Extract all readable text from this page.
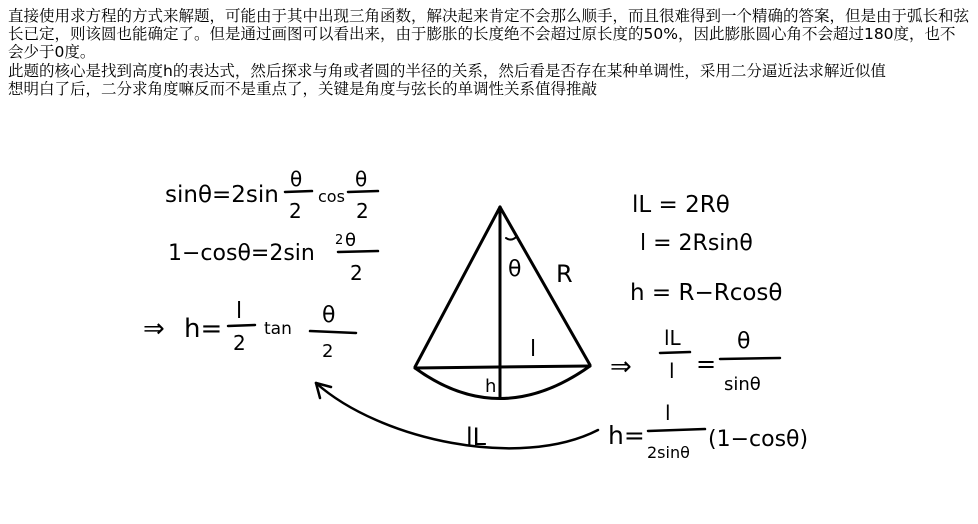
直接使用求方程的方式来解题，可能由于其中出现三角函数，解决起来肯定不会那么顺手，而且很难得到一个精确的答案，但是由于弧长和弦长已定，则该圆也能确定了。但是通过画图可以看出来，由于膨胀的长度绝不会超过原长度的50%，因此膨胀圆心角不会超过180度，也不会少于0度。

此题的核心是找到高度h的表达式，然后探求与角或者圆的半径的关系，然后看是否存在某种单调性，采用二分逼近法求解近似值

想明白了后，二分求角度嘛反而不是重点了，关键是角度与弦长的单调性关系值得推敲

sinθ=2sin
θ
2
cos
θ
2
1−cosθ=2sin
2 θ
2
⇒ h=
l
2
tan
θ
2
θ R
l
h
lL
lL = 2Rθ
l = 2Rsinθ
h = R−Rcosθ
⇒
lL
l =
θ
sinθ
h=
l
2sinθ
(1−cosθ)
